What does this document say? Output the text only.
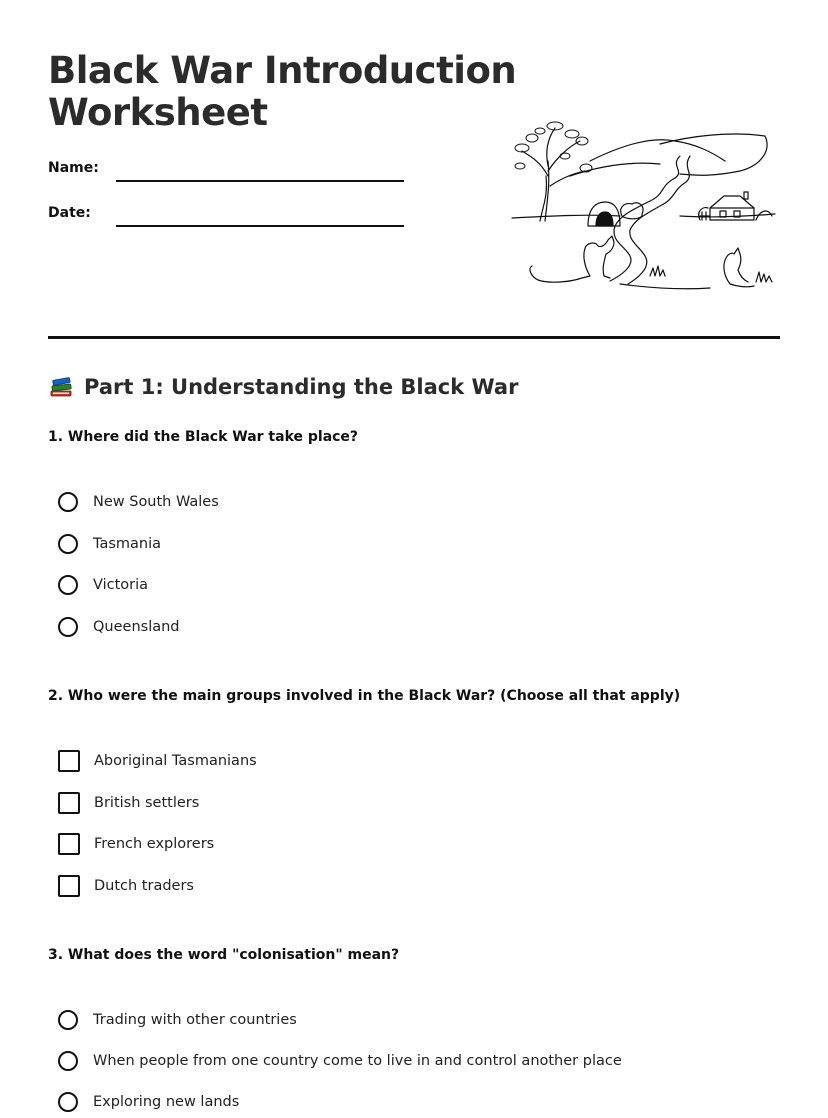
Black War Introduction
Worksheet
Name:
Date:
Part 1: Understanding the Black War

1. Where did the Black War take place?

New South Wales
Tasmania
Victoria
Queensland

2. Who were the main groups involved in the Black War? (Choose all that apply)

Aboriginal Tasmanians
British settlers
French explorers
Dutch traders

3. What does the word "colonisation" mean?

Trading with other countries
When people from one country come to live in and control another place
Exploring new lands
